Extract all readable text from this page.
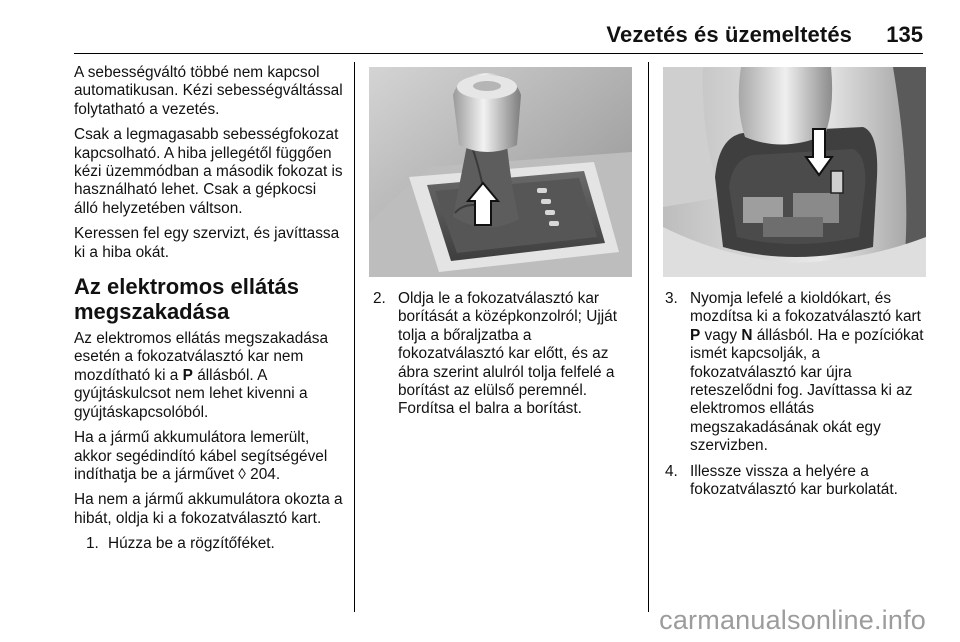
Vezetés és üzemeltetés 135

A sebességváltó többé nem kapcsol automatikusan. Kézi sebességváltással folytatható a vezetés.

Csak a legmagasabb sebességfokozat kapcsolható. A hiba jellegétől függően kézi üzemmódban a második fokozat is használható lehet. Csak a gépkocsi álló helyzetében váltson.

Keressen fel egy szervizt, és javíttassa ki a hiba okát.

Az elektromos ellátás megszakadása

Az elektromos ellátás megszakadása esetén a fokozatválasztó kar nem mozdítható ki a P állásból. A gyújtáskulcsot nem lehet kivenni a gyújtáskapcsolóból.

Ha a jármű akkumulátora lemerült, akkor segédindító kábel segítségével indíthatja be a járművet ◊ 204.

Ha nem a jármű akkumulátora okozta a hibát, oldja ki a fokozatválasztó kart.

1. Húzza be a rögzítőféket.
2. Oldja le a fokozatválasztó kar borítását a középkonzolról; Ujját tolja a bőraljzatba a fokozatválasztó kar előtt, és az ábra szerint alulról tolja felfelé a borítást az elülső peremnél. Fordítsa el balra a borítást.
3. Nyomja lefelé a kioldókart, és mozdítsa ki a fokozatválasztó kart P vagy N állásból. Ha e pozíciókat ismét kapcsolják, a fokozatválasztó kar újra reteszelődni fog. Javíttassa ki az elektromos ellátás megszakadásának okát egy szervizben.
4. Illessze vissza a helyére a fokozatválasztó kar burkolatát.
carmanualsonline.info
